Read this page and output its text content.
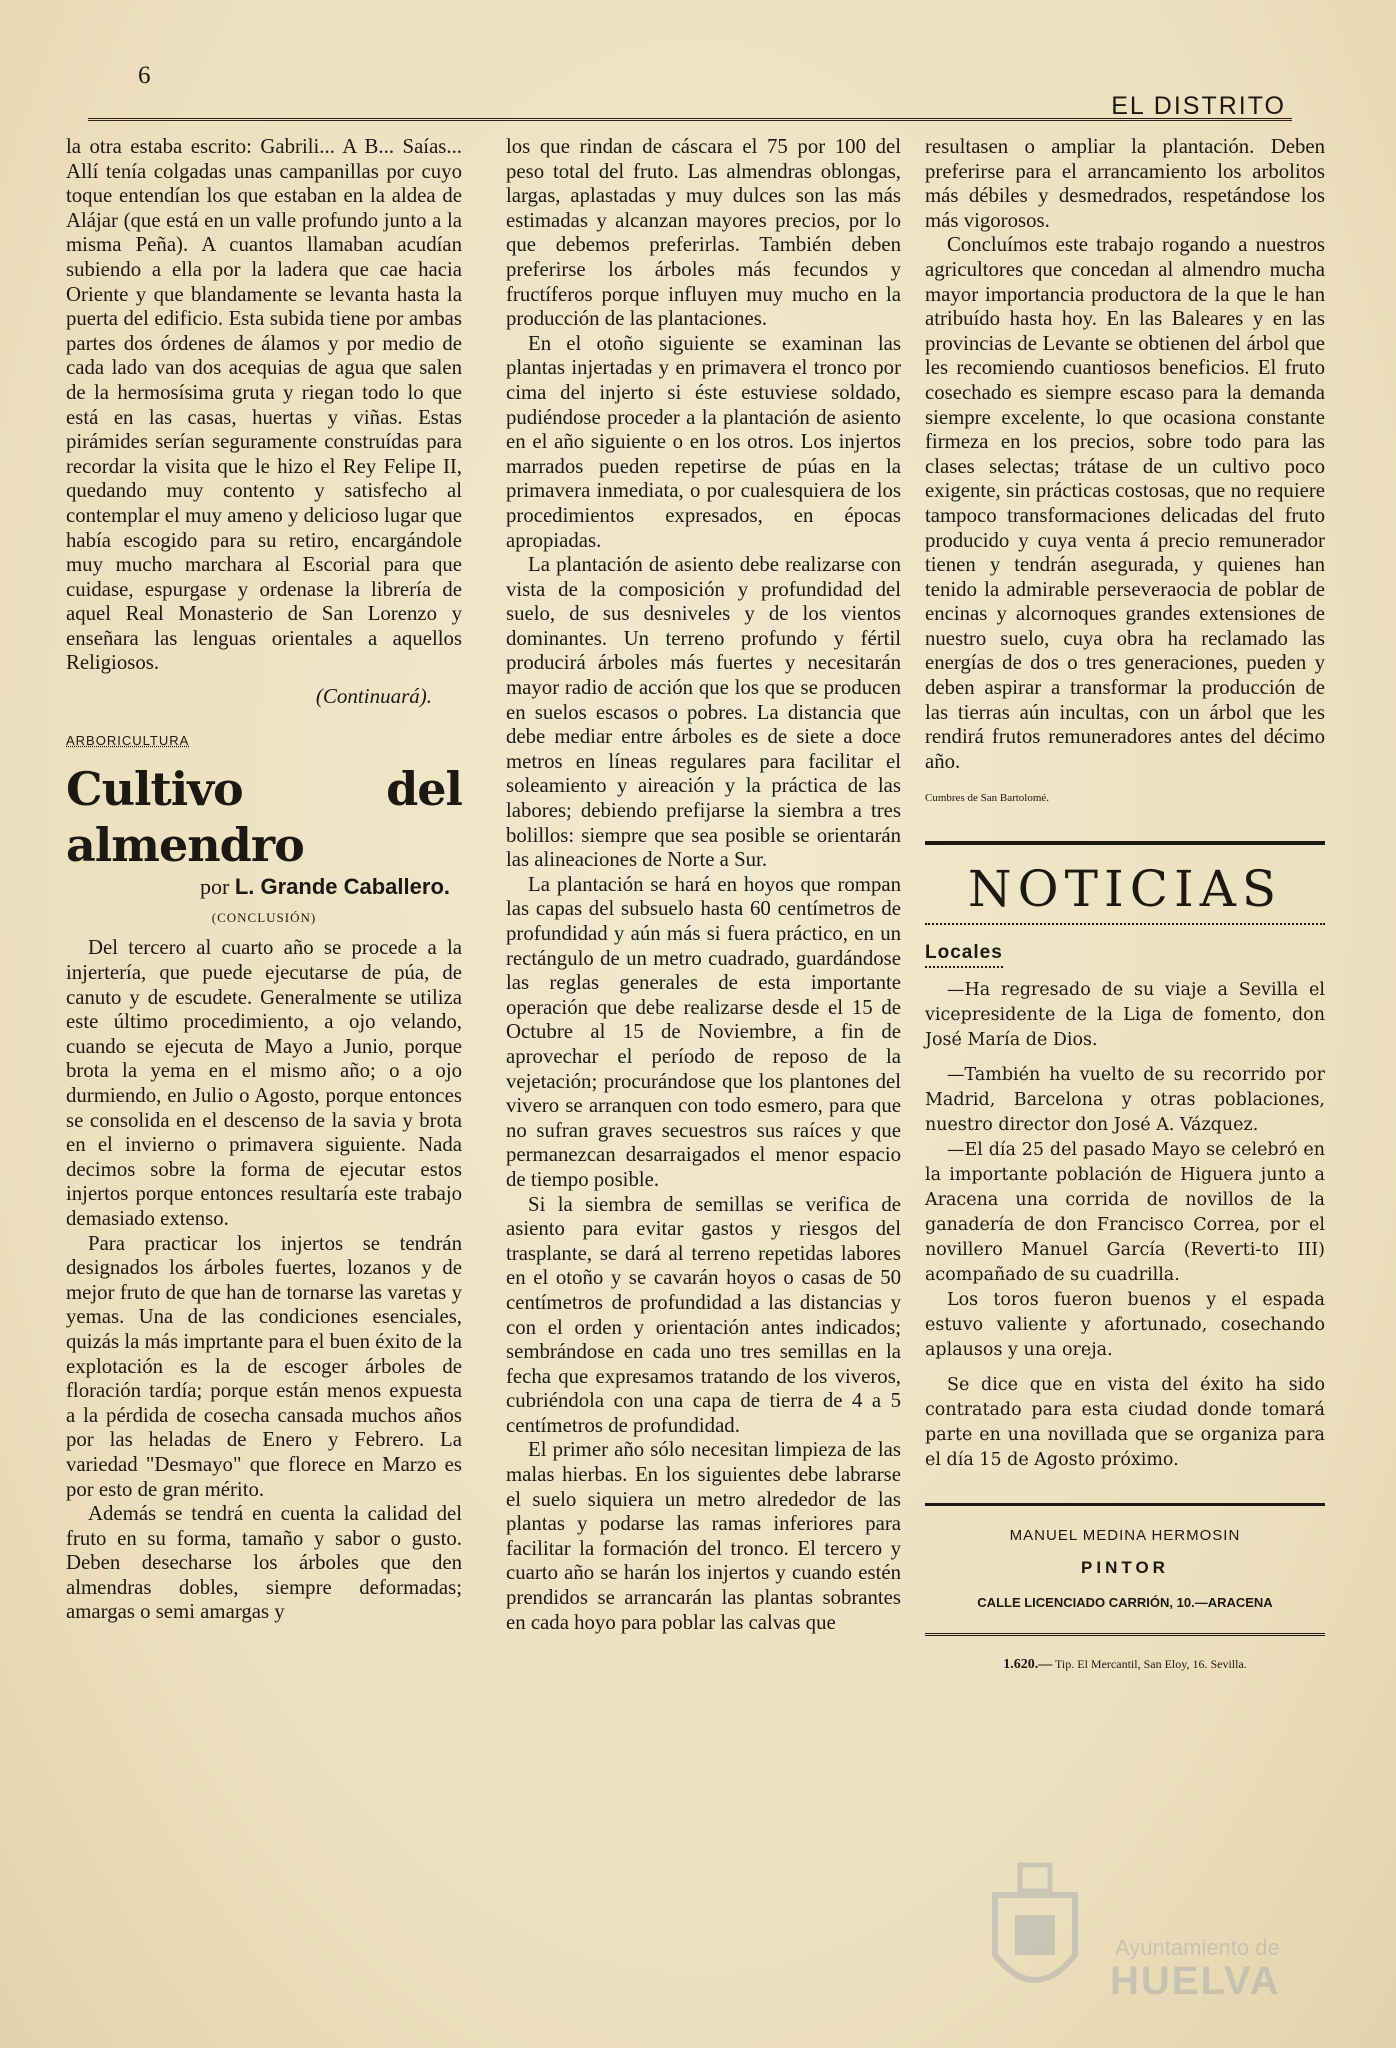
6
EL DISTRITO

la otra estaba escrito: Gabrili... A B... Saías... Allí tenía colgadas unas campanillas por cuyo toque entendían los que estaban en la aldea de Alájar (que está en un valle profundo junto a la misma Peña). A cuantos llamaban acudían subiendo a ella por la ladera que cae hacia Oriente y que blandamente se levanta hasta la puerta del edificio. Esta subida tiene por ambas partes dos órdenes de álamos y por medio de cada lado van dos acequias de agua que salen de la hermosísima gruta y riegan todo lo que está en las casas, huertas y viñas. Estas pirámides serían seguramente construídas para recordar la visita que le hizo el Rey Felipe II, quedando muy contento y satisfecho al contemplar el muy ameno y delicioso lugar que había escogido para su retiro, encargándole muy mucho marchara al Escorial para que cuidase, espurgase y ordenase la librería de aquel Real Monasterio de San Lorenzo y enseñara las lenguas orientales a aquellos Religiosos.

(Continuará).
ARBORICULTURA
Cultivo del almendro
por L. Grande Caballero.
(CONCLUSIÓN)

Del tercero al cuarto año se procede a la injertería, que puede ejecutarse de púa, de canuto y de escudete. Generalmente se utiliza este último procedimiento, a ojo velando, cuando se ejecuta de Mayo a Junio, porque brota la yema en el mismo año; o a ojo durmiendo, en Julio o Agosto, porque entonces se consolida en el descenso de la savia y brota en el invierno o primavera siguiente. Nada decimos sobre la forma de ejecutar estos injertos porque entonces resultaría este trabajo demasiado extenso.

Para practicar los injertos se tendrán designados los árboles fuertes, lozanos y de mejor fruto de que han de tornarse las varetas y yemas. Una de las condiciones esenciales, quizás la más imprtante para el buen éxito de la explotación es la de escoger árboles de floración tardía; porque están menos expuesta a la pérdida de cosecha cansada muchos años por las heladas de Enero y Febrero. La variedad "Desmayo" que florece en Marzo es por esto de gran mérito.

Además se tendrá en cuenta la calidad del fruto en su forma, tamaño y sabor o gusto. Deben desecharse los árboles que den almendras dobles, siempre deformadas; amargas o semi amargas y

los que rindan de cáscara el 75 por 100 del peso total del fruto. Las almendras oblongas, largas, aplastadas y muy dulces son las más estimadas y alcanzan mayores precios, por lo que debemos preferirlas. También deben preferirse los árboles más fecundos y fructíferos porque influyen muy mucho en la producción de las plantaciones.

En el otoño siguiente se examinan las plantas injertadas y en primavera el tronco por cima del injerto si éste estuviese soldado, pudiéndose proceder a la plantación de asiento en el año siguiente o en los otros. Los injertos marrados pueden repetirse de púas en la primavera inmediata, o por cualesquiera de los procedimientos expresados, en épocas apropiadas.

La plantación de asiento debe realizarse con vista de la composición y profundidad del suelo, de sus desniveles y de los vientos dominantes. Un terreno profundo y fértil producirá árboles más fuertes y necesitarán mayor radio de acción que los que se producen en suelos escasos o pobres. La distancia que debe mediar entre árboles es de siete a doce metros en líneas regulares para facilitar el soleamiento y aireación y la práctica de las labores; debiendo prefijarse la siembra a tres bolillos: siempre que sea posible se orientarán las alineaciones de Norte a Sur.

La plantación se hará en hoyos que rompan las capas del subsuelo hasta 60 centímetros de profundidad y aún más si fuera práctico, en un rectángulo de un metro cuadrado, guardándose las reglas generales de esta importante operación que debe realizarse desde el 15 de Octubre al 15 de Noviembre, a fin de aprovechar el período de reposo de la vejetación; procurándose que los plantones del vivero se arranquen con todo esmero, para que no sufran graves secuestros sus raíces y que permanezcan desarraigados el menor espacio de tiempo posible.

Si la siembra de semillas se verifica de asiento para evitar gastos y riesgos del trasplante, se dará al terreno repetidas labores en el otoño y se cavarán hoyos o casas de 50 centímetros de profundidad a las distancias y con el orden y orientación antes indicados; sembrándose en cada uno tres semillas en la fecha que expresamos tratando de los viveros, cubriéndola con una capa de tierra de 4 a 5 centímetros de profundidad.

El primer año sólo necesitan limpieza de las malas hierbas. En los siguientes debe labrarse el suelo siquiera un metro alrededor de las plantas y podarse las ramas inferiores para facilitar la formación del tronco. El tercero y cuarto año se harán los injertos y cuando estén prendidos se arrancarán las plantas sobrantes en cada hoyo para poblar las calvas que

resultasen o ampliar la plantación. Deben preferirse para el arrancamiento los arbolitos más débiles y desmedrados, respetándose los más vigorosos.

Concluímos este trabajo rogando a nuestros agricultores que concedan al almendro mucha mayor importancia productora de la que le han atribuído hasta hoy. En las Baleares y en las provincias de Levante se obtienen del árbol que les recomiendo cuantiosos beneficios. El fruto cosechado es siempre escaso para la demanda siempre excelente, lo que ocasiona constante firmeza en los precios, sobre todo para las clases selectas; trátase de un cultivo poco exigente, sin prácticas costosas, que no requiere tampoco transformaciones delicadas del fruto producido y cuya venta á precio remunerador tienen y tendrán asegurada, y quienes han tenido la admirable perseveraocia de poblar de encinas y alcornoques grandes extensiones de nuestro suelo, cuya obra ha reclamado las energías de dos o tres generaciones, pueden y deben aspirar a transformar la producción de las tierras aún incultas, con un árbol que les rendirá frutos remuneradores antes del décimo año.

Cumbres de San Bartolomé.
NOTICIAS
Locales

—Ha regresado de su viaje a Sevilla el vicepresidente de la Liga de fomento, don José María de Dios.

—También ha vuelto de su recorrido por Madrid, Barcelona y otras poblaciones, nuestro director don José A. Vázquez.

—El día 25 del pasado Mayo se celebró en la importante población de Higuera junto a Aracena una corrida de novillos de la ganadería de don Francisco Correa, por el novillero Manuel García (Reverti-to III) acompañado de su cuadrilla.

Los toros fueron buenos y el espada estuvo valiente y afortunado, cosechando aplausos y una oreja.

Se dice que en vista del éxito ha sido contratado para esta ciudad donde tomará parte en una novillada que se organiza para el día 15 de Agosto próximo.

MANUEL MEDINA HERMOSIN
PINTOR
CALLE LICENCIADO CARRIÓN, 10.—ARACENA
1.620.— Tip. El Mercantil, San Eloy, 16. Sevilla.
Ayuntamiento de
HUELVA
